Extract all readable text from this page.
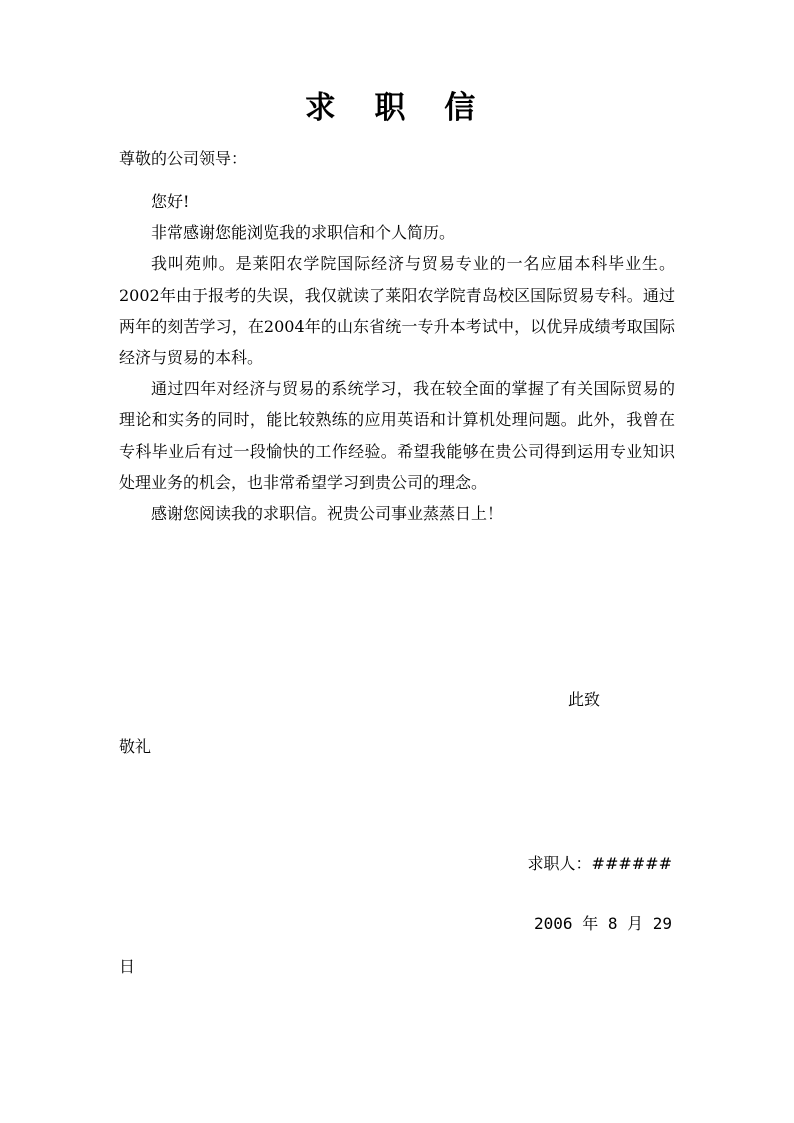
求 职 信
尊敬的公司领导：

您好!

非常感谢您能浏览我的求职信和个人简历。

我叫苑帅。是莱阳农学院国际经济与贸易专业的一名应届本科毕业生。2002年由于报考的失误，我仅就读了莱阳农学院青岛校区国际贸易专科。通过两年的刻苦学习，在2004年的山东省统一专升本考试中，以优异成绩考取国际经济与贸易的本科。

通过四年对经济与贸易的系统学习，我在较全面的掌握了有关国际贸易的理论和实务的同时，能比较熟练的应用英语和计算机处理问题。此外，我曾在专科毕业后有过一段愉快的工作经验。希望我能够在贵公司得到运用专业知识处理业务的机会，也非常希望学习到贵公司的理念。

感谢您阅读我的求职信。祝贵公司事业蒸蒸日上！

此致
敬礼
求职人：######
2006 年 8 月 29
日
